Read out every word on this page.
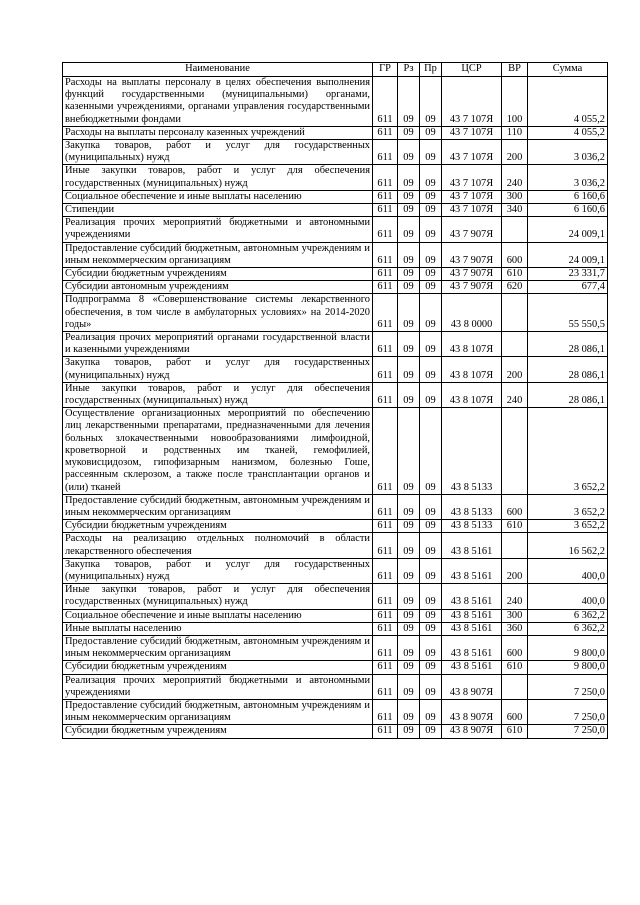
Наименование	ГР	Рз	Пр	ЦСР	ВР	Сумма
Расходы на выплаты персоналу в целях обеспечения выполнения функций государственными (муниципальными) органами, казенными учреждениями, органами управления государственными внебюджетными фондами	611	09	09	43 7 107Я	100	4 055,2
Расходы на выплаты персоналу казенных учреждений	611	09	09	43 7 107Я	110	4 055,2
Закупка товаров, работ и услуг для государственных (муниципальных) нужд	611	09	09	43 7 107Я	200	3 036,2
Иные закупки товаров, работ и услуг для обеспечения государственных (муниципальных) нужд	611	09	09	43 7 107Я	240	3 036,2
Социальное обеспечение и иные выплаты населению	611	09	09	43 7 107Я	300	6 160,6
Стипендии	611	09	09	43 7 107Я	340	6 160,6
Реализация прочих мероприятий бюджетными и автономными учреждениями	611	09	09	43 7 907Я		24 009,1
Предоставление субсидий бюджетным, автономным учреждениям и иным некоммерческим организациям	611	09	09	43 7 907Я	600	24 009,1
Субсидии бюджетным учреждениям	611	09	09	43 7 907Я	610	23 331,7
Субсидии автономным учреждениям	611	09	09	43 7 907Я	620	677,4
Подпрограмма 8 «Совершенствование системы лекарственного обеспечения, в том числе в амбулаторных условиях» на 2014-2020 годы»	611	09	09	43 8 0000		55 550,5
Реализация прочих мероприятий органами государственной власти и казенными учреждениями	611	09	09	43 8 107Я		28 086,1
Закупка товаров, работ и услуг для государственных (муниципальных) нужд	611	09	09	43 8 107Я	200	28 086,1
Иные закупки товаров, работ и услуг для обеспечения государственных (муниципальных) нужд	611	09	09	43 8 107Я	240	28 086,1
Осуществление организационных мероприятий по обеспечению лиц лекарственными препаратами, предназначенными для лечения больных злокачественными новообразованиями лимфоидной, кроветворной и родственных им тканей, гемофилией, муковисцидозом, гипофизарным нанизмом, болезнью Гоше, рассеянным склерозом, а также после трансплантации органов и (или) тканей	611	09	09	43 8 5133		3 652,2
Предоставление субсидий бюджетным, автономным учреждениям и иным некоммерческим организациям	611	09	09	43 8 5133	600	3 652,2
Субсидии бюджетным учреждениям	611	09	09	43 8 5133	610	3 652,2
Расходы на реализацию отдельных полномочий в области лекарственного обеспечения	611	09	09	43 8 5161		16 562,2
Закупка товаров, работ и услуг для государственных (муниципальных) нужд	611	09	09	43 8 5161	200	400,0
Иные закупки товаров, работ и услуг для обеспечения государственных (муниципальных) нужд	611	09	09	43 8 5161	240	400,0
Социальное обеспечение и иные выплаты населению	611	09	09	43 8 5161	300	6 362,2
Иные выплаты населению	611	09	09	43 8 5161	360	6 362,2
Предоставление субсидий бюджетным, автономным учреждениям и иным некоммерческим организациям	611	09	09	43 8 5161	600	9 800,0
Субсидии бюджетным учреждениям	611	09	09	43 8 5161	610	9 800,0
Реализация прочих мероприятий бюджетными и автономными учреждениями	611	09	09	43 8 907Я		7 250,0
Предоставление субсидий бюджетным, автономным учреждениям и иным некоммерческим организациям	611	09	09	43 8 907Я	600	7 250,0
Субсидии бюджетным учреждениям	611	09	09	43 8 907Я	610	7 250,0
